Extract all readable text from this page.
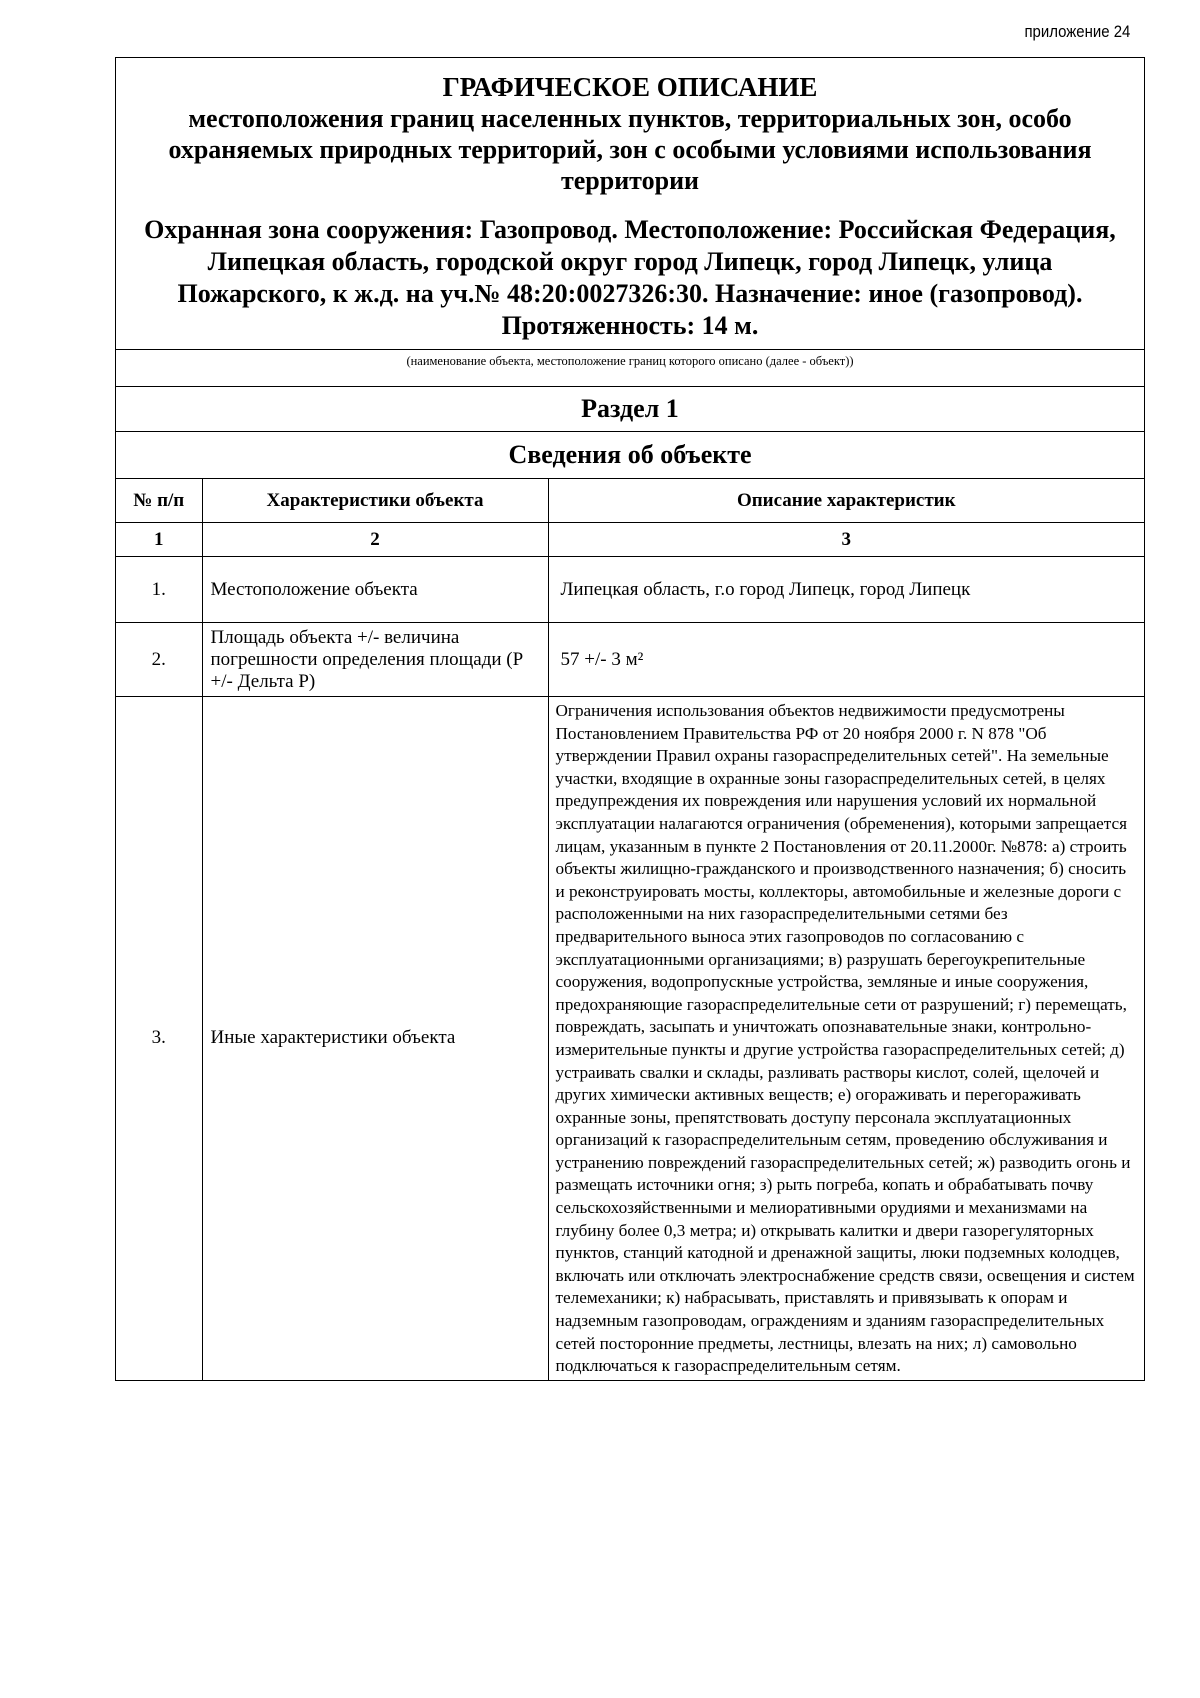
приложение 24
ГРАФИЧЕСКОЕ ОПИСАНИЕ
местоположения границ населенных пунктов, территориальных зон, особо охраняемых природных территорий, зон с особыми условиями использования территории
Охранная зона сооружения: Газопровод. Местоположение: Российская Федерация, Липецкая область, городской округ город Липецк, город Липецк, улица Пожарского, к ж.д. на уч.№ 48:20:0027326:30. Назначение: иное (газопровод). Протяженность: 14 м.
(наименование объекта, местоположение границ которого описано (далее - объект))
Раздел 1
Сведения об объекте
№ п/п	Характеристики объекта	Описание характеристик
1	2	3
1.	Местоположение объекта	Липецкая область, г.о город Липецк, город Липецк
2.	Площадь объекта +/- величина погрешности определения площади (Р +/- Дельта Р)	57 +/- 3 м²
3.	Иные характеристики объекта	Ограничения использования объектов недвижимости предусмотрены Постановлением Правительства РФ от 20 ноября 2000 г. N 878 "Об утверждении Правил охраны газораспределительных сетей". На земельные участки, входящие в охранные зоны газораспределительных сетей, в целях предупреждения их повреждения или нарушения условий их нормальной эксплуатации налагаются ограничения (обременения), которыми запрещается лицам, указанным в пункте 2 Постановления от 20.11.2000г. №878: а) строить объекты жилищно-гражданского и производственного назначения; б) сносить и реконструировать мосты, коллекторы, автомобильные и железные дороги с расположенными на них газораспределительными сетями без предварительного выноса этих газопроводов по согласованию с эксплуатационными организациями; в) разрушать берегоукрепительные сооружения, водопропускные устройства, земляные и иные сооружения, предохраняющие газораспределительные сети от разрушений; г) перемещать, повреждать, засыпать и уничтожать опознавательные знаки, контрольно-измерительные пункты и другие устройства газораспределительных сетей; д) устраивать свалки и склады, разливать растворы кислот, солей, щелочей и других химически активных веществ; е) огораживать и перегораживать охранные зоны, препятствовать доступу персонала эксплуатационных организаций к газораспределительным сетям, проведению обслуживания и устранению повреждений газораспределительных сетей; ж) разводить огонь и размещать источники огня; з) рыть погреба, копать и обрабатывать почву сельскохозяйственными и мелиоративными орудиями и механизмами на глубину более 0,3 метра; и) открывать калитки и двери газорегуляторных пунктов, станций катодной и дренажной защиты, люки подземных колодцев, включать или отключать электроснабжение средств связи, освещения и систем телемеханики; к) набрасывать, приставлять и привязывать к опорам и надземным газопроводам, ограждениям и зданиям газораспределительных сетей посторонние предметы, лестницы, влезать на них; л) самовольно подключаться к газораспределительным сетям.
